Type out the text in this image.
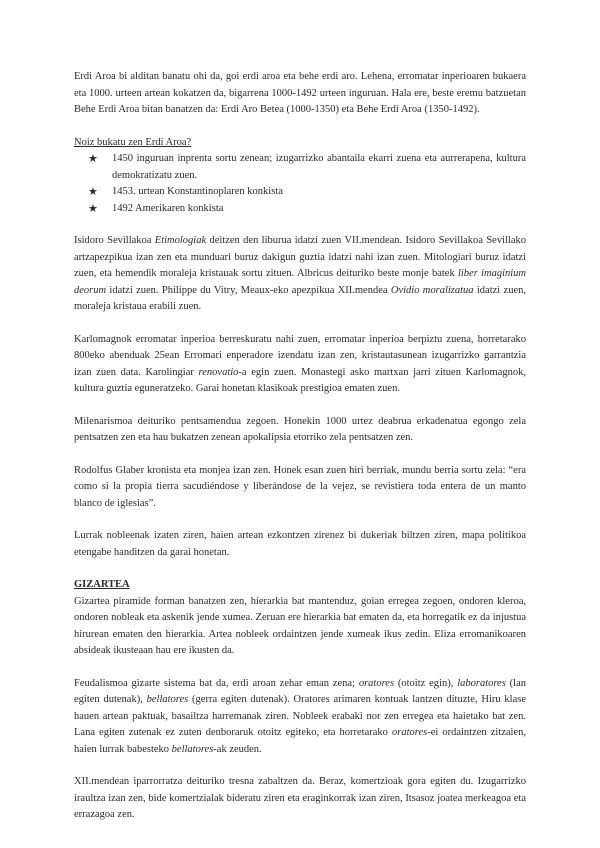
Erdi Aroa bi alditan banatu ohi da, goi erdi aroa eta behe erdi aro. Lehena, erromatar inperioaren bukaera eta 1000. urteen artean kokatzen da, bigarrena 1000-1492 urteen inguruan. Hala ere, beste eremu batzuetan Behe Erdi Aroa bitan banatzen da: Erdi Aro Betea (1000-1350) eta Behe Erdi Aroa (1350-1492).

Noiz bukatu zen Erdi Aroa?

★ 1450 inguruan inprenta sortu zenean; izugarrizko abantaila ekarri zuena eta aurrerapena, kultura demokratizatu zuen.
★ 1453. urtean Konstantinoplaren konkista
★ 1492 Amerikaren konkista

Isidoro Sevillakoa Etimologiak deitzen den liburua idatzi zuen VII.mendean. Isidoro Sevillakoa Sevillako artzapezpikua izan zen eta munduari buruz dakigun guztia idatzi nahi izan zuen. Mitologiari buruz idatzi zuen, eta hemendik moraleja kristauak sortu zituen. Albricus deituriko beste monje batek liber imaginium deorum idatzi zuen. Philippe du Vitry, Meaux-eko apezpikua XII.mendea Ovidio moralizatua idatzi zuen, moraleja kristaua erabili zuen.

Karlomagnok erromatar inperioa berreskuratu nahi zuen, erromatar inperioa berpiztu zuena, horretarako 800eko abenduak 25ean Erromari enperadore izendatu izan zen, kristautasunean izugarrizko garrantzia izan zuen data. Karolingiar renovatio-a egin zuen. Monastegi asko martxan jarri zituen Karlomagnok, kultura guztia eguneratzeko. Garai honetan klasikoak prestigioa ematen zuen.

Milenarismoa deituriko pentsamendua zegoen. Honekin 1000 urtez deabrua erkadenatua egongo zela pentsatzen zen eta hau bukatzen zenean apokalipsia etorriko zela pentsatzen zen.

Rodolfus Glaber kronista eta monjea izan zen. Honek esan zuen hiri berriak, mundu berria sortu zela: “era como si la propia tierra sacudiéndose y liberándose de la vejez, se revistiera toda entera de un manto blanco de iglesias”.

Lurrak nobleenak izaten ziren, haien artean ezkontzen zirenez bi dukeriak biltzen ziren, mapa politikoa etengabe handitzen da garai honetan.

GIZARTEA

Gizartea piramide forman banatzen zen, hierarkia bat mantenduz, goian erregea zegoen, ondoren kleroa, ondoren nobleak eta askenik jende xumea. Zeruan ere hierarkia bat ematen da, eta horregatik ez da injustua hirurean ematen den hierarkia. Artea nobleek ordaintzen jende xumeak ikus zedin. Eliza erromanikoaren absideak ikusteaan hau ere ikusten da.

Feudalismoa gizarte sistema bat da, erdi aroan zehar eman zena; oratores (otoitz egin), laboratores (lan egiten dutenak), bellatores (gerra egiten dutenak). Oratores arimaren kontuak lantzen dituzte, Hiru klase hauen artean paktuak, basailtza harremanak ziren. Nobleek erabaki nor zen erregea eta haietako bat zen. Lana egiten zutenak ez zuten denboraruk otoitz egiteko, eta horretarako oratores-ei ordaintzen zitzaien, haien lurrak babesteko bellatores-ak zeuden.

XII.mendean iparrorratza deituriko tresna zabaltzen da. Beraz, komertzioak gora egiten du. Izugarrizko iraultza izan zen, bide komertzialak bideratu ziren eta eraginkorrak izan ziren, Itsasoz joatea merkeagoa eta errazagoa zen.
